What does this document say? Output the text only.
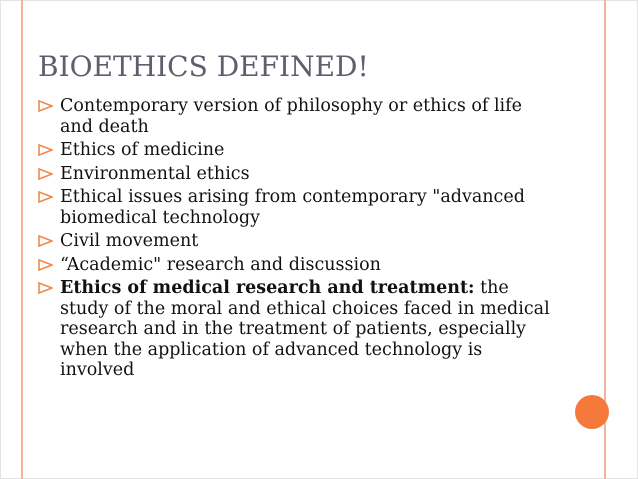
BIOETHICS DEFINED!
Contemporary version of philosophy or ethics of life and death
Ethics of medicine
Environmental ethics
Ethical issues arising from contemporary "advanced biomedical technology
Civil movement
“Academic" research and discussion
Ethics of medical research and treatment: the study of the moral and ethical choices faced in medical research and in the treatment of patients, especially when the application of advanced technology is involved
